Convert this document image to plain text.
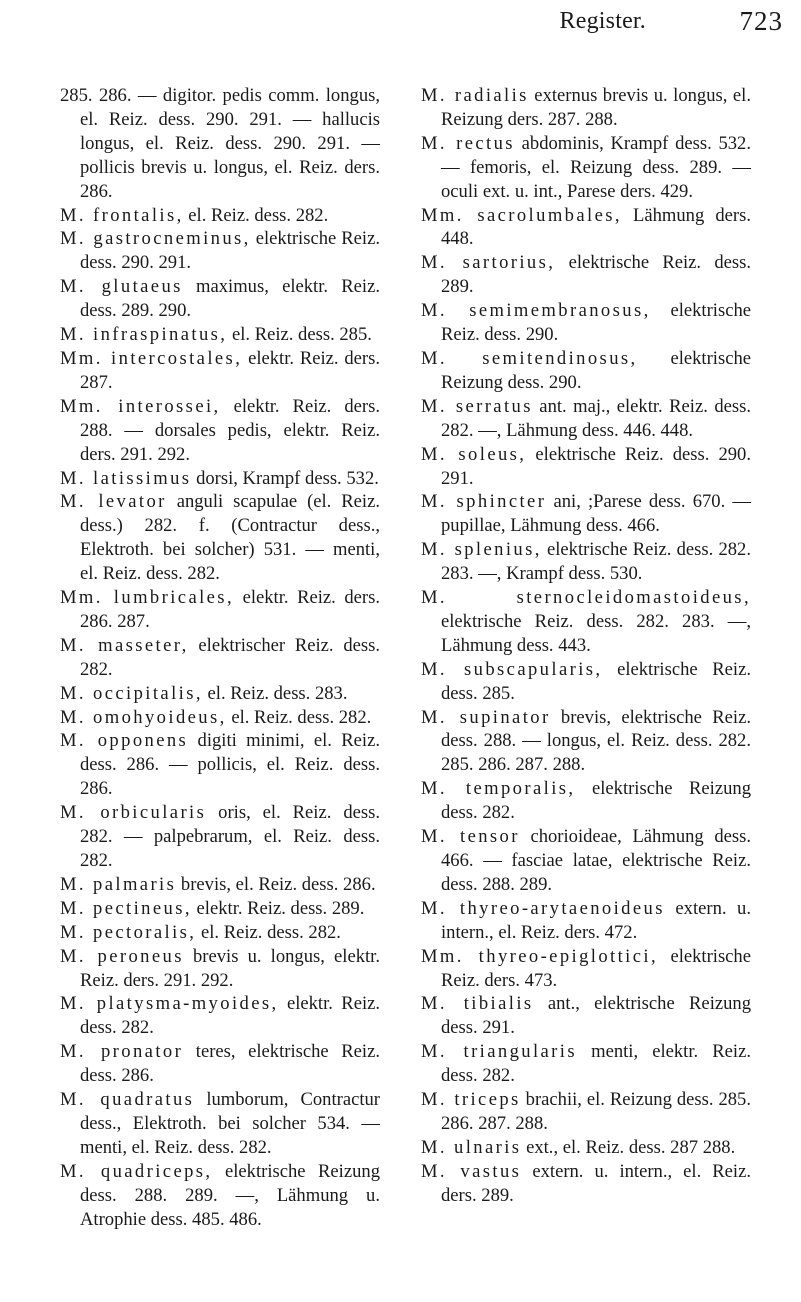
Register.	723

285. 286. — digitor. pedis comm. longus, el. Reiz. dess. 290. 291. — hallucis longus, el. Reiz. dess. 290. 291. — pollicis brevis u. longus, el. Reiz. ders. 286.

M. frontalis, el. Reiz. dess. 282.

M. gastrocneminus, elektrische Reiz. dess. 290. 291.

M. glutaeus maximus, elektr. Reiz. dess. 289. 290.

M. infraspinatus, el. Reiz. dess. 285.

Mm. intercostales, elektr. Reiz. ders. 287.

Mm. interossei, elektr. Reiz. ders. 288. — dorsales pedis, elektr. Reiz. ders. 291. 292.

M. latissimus dorsi, Krampf dess. 532.

M. levator anguli scapulae (el. Reiz. dess.) 282. f. (Contractur dess., Elektroth. bei solcher) 531. — menti, el. Reiz. dess. 282.

Mm. lumbricales, elektr. Reiz. ders. 286. 287.

M. masseter, elektrischer Reiz. dess. 282.

M. occipitalis, el. Reiz. dess. 283.

M. omohyoideus, el. Reiz. dess. 282.

M. opponens digiti minimi, el. Reiz. dess. 286. — pollicis, el. Reiz. dess. 286.

M. orbicularis oris, el. Reiz. dess. 282. — palpebrarum, el. Reiz. dess. 282.

M. palmaris brevis, el. Reiz. dess. 286.

M. pectineus, elektr. Reiz. dess. 289.

M. pectoralis, el. Reiz. dess. 282.

M. peroneus brevis u. longus, elektr. Reiz. ders. 291. 292.

M. platysma-myoides, elektr. Reiz. dess. 282.

M. pronator teres, elektrische Reiz. dess. 286.

M. quadratus lumborum, Contractur dess., Elektroth. bei solcher 534. — menti, el. Reiz. dess. 282.

M. quadriceps, elektrische Reizung dess. 288. 289. —, Lähmung u. Atrophie dess. 485. 486.

M. radialis externus brevis u. longus, el. Reizung ders. 287. 288.

M. rectus abdominis, Krampf dess. 532. — femoris, el. Reizung dess. 289. — oculi ext. u. int., Parese ders. 429.

Mm. sacrolumbales, Lähmung ders. 448.

M. sartorius, elektrische Reiz. dess. 289.

M. semimembranosus, elektrische Reiz. dess. 290.

M. semitendinosus, elektrische Reizung dess. 290.

M. serratus ant. maj., elektr. Reiz. dess. 282. —, Lähmung dess. 446. 448.

M. soleus, elektrische Reiz. dess. 290. 291.

M. sphincter ani, ;Parese dess. 670. — pupillae, Lähmung dess. 466.

M. splenius, elektrische Reiz. dess. 282. 283. —, Krampf dess. 530.

M. sternocleidomastoideus, elektrische Reiz. dess. 282. 283. —, Lähmung dess. 443.

M. subscapularis, elektrische Reiz. dess. 285.

M. supinator brevis, elektrische Reiz. dess. 288. — longus, el. Reiz. dess. 282. 285. 286. 287. 288.

M. temporalis, elektrische Reizung dess. 282.

M. tensor chorioideae, Lähmung dess. 466. — fasciae latae, elektrische Reiz. dess. 288. 289.

M. thyreo-arytaenoideus extern. u. intern., el. Reiz. ders. 472.

Mm. thyreo-epiglottici, elektrische Reiz. ders. 473.

M. tibialis ant., elektrische Reizung dess. 291.

M. triangularis menti, elektr. Reiz. dess. 282.

M. triceps brachii, el. Reizung dess. 285. 286. 287. 288.

M. ulnaris ext., el. Reiz. dess. 287 288.

M. vastus extern. u. intern., el. Reiz. ders. 289.
